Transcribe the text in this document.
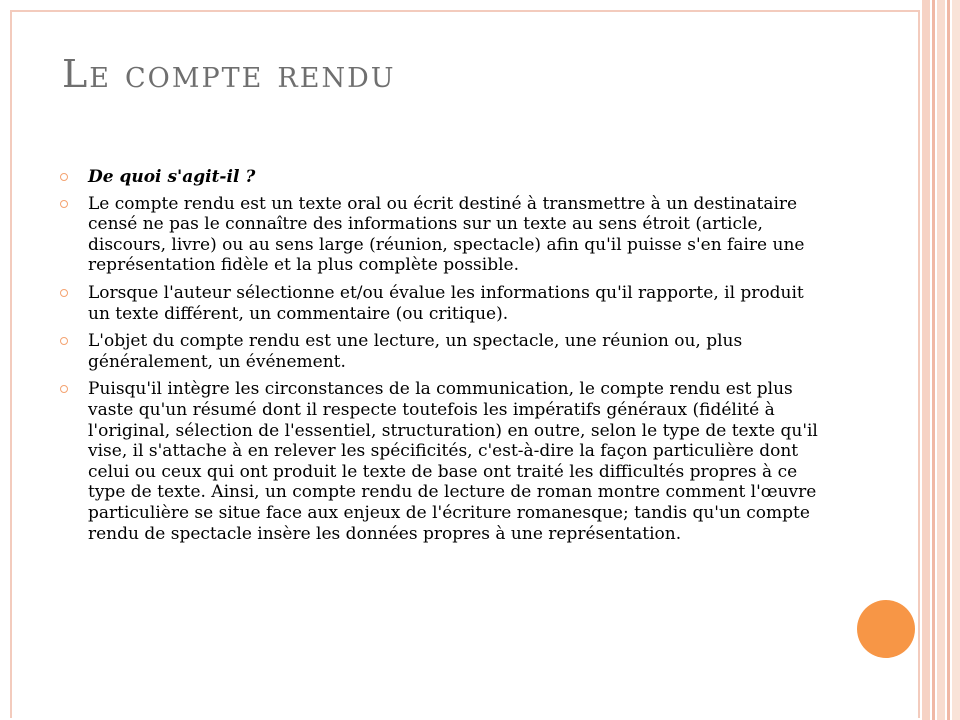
Le compte rendu
De quoi s'agit-il ?
Le compte rendu est un texte oral ou écrit destiné à transmettre à un destinataire censé ne pas le connaître des informations sur un texte au sens étroit (article, discours, livre) ou au sens large (réunion, spectacle) afin qu'il puisse s'en faire une représentation fidèle et la plus complète possible.
Lorsque l'auteur sélectionne et/ou évalue les informations qu'il rapporte, il produit un texte différent, un commentaire (ou critique).
L'objet du compte rendu est une lecture, un spectacle, une réunion ou, plus généralement, un événement.
Puisqu'il intègre les circonstances de la communication, le compte rendu est plus vaste qu'un résumé dont il respecte toutefois les impératifs généraux (fidélité à l'original, sélection de l'essentiel, structuration) en outre, selon le type de texte qu'il vise, il s'attache à en relever les spécificités, c'est-à-dire la façon particulière dont celui ou ceux qui ont produit le texte de base ont traité les difficultés propres à ce type de texte. Ainsi, un compte rendu de lecture de roman montre comment l'œuvre particulière se situe face aux enjeux de l'écriture romanesque; tandis qu'un compte rendu de spectacle insère les données propres à une représentation.
